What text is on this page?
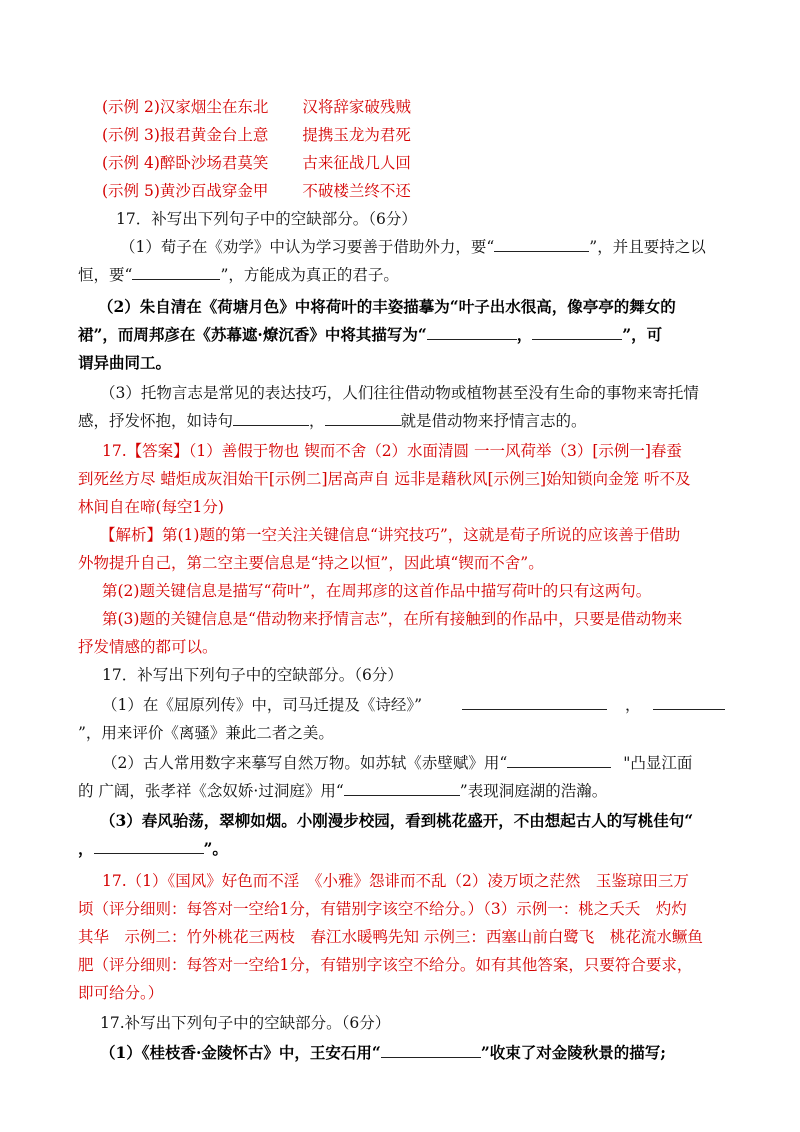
(示例 2)汉家烟尘在东北 汉将辞家破残贼
(示例 3)报君黄金台上意 提携玉龙为君死
(示例 4)醉卧沙场君莫笑 古来征战几人回
(示例 5)黄沙百战穿金甲 不破楼兰终不还
17．补写出下列句子中的空缺部分。（6分）
（1）荀子在《劝学》中认为学习要善于借助外力，要“	”，并且要持之以
恒，要“	”，方能成为真正的君子。
（2）朱自清在《荷塘月色》中将荷叶的丰姿描摹为“叶子出水很高，像亭亭的舞女的
裙”，而周邦彦在《苏幕遮·燎沉香》中将其描写为“	，	”，可
谓异曲同工。
（3）托物言志是常见的表达技巧，人们往往借动物或植物甚至没有生命的事物来寄托情
感，抒发怀抱，如诗句	，	就是借动物来抒情言志的。
17.【答案】（1）善假于物也 锲而不舍（2）水面清圆 一一风荷举（3）[示例一]春蚕
到死丝方尽 蜡炬成灰泪始干[示例二]居高声自 远非是藉秋风[示例三]始知锁向金笼 听不及
林间自在啼(每空1分)
【解析】第(1)题的第一空关注关键信息“讲究技巧”，这就是荀子所说的应该善于借助
外物提升自己，第二空主要信息是“持之以恒”，因此填“锲而不舍”。
第(2)题关键信息是描写“荷叶”，在周邦彦的这首作品中描写荷叶的只有这两句。
第(3)题的关键信息是“借动物来抒情言志”，在所有接触到的作品中，只要是借动物来
抒发情感的都可以。
17．补写出下列句子中的空缺部分。（6分）
（1）在《屈原列传》中，司马迁提及《诗经》”	，
”，用来评价《离骚》兼此二者之美。
（2）古人常用数字来摹写自然万物。如苏轼《赤壁赋》用“	"凸显江面
的 广阔，张孝祥《念奴娇·过洞庭》用“	”表现洞庭湖的浩瀚。
（3）春风骀荡，翠柳如烟。小刚漫步校园，看到桃花盛开，不由想起古人的写桃佳句“
，	”。
17.（1）《国风》好色而不淫　《小雅》怨诽而不乱（2）凌万顷之茫然　玉鉴琼田三万
顷（评分细则：每答对一空给1分，有错别字该空不给分。）（3）示例一：桃之夭夭　灼灼
其华　示例二：竹外桃花三两枝　春江水暖鸭先知 示例三：西塞山前白鹭飞　桃花流水鳜鱼
肥（评分细则：每答对一空给1分，有错别字该空不给分。如有其他答案，只要符合要求，
即可给分。）
17.补写出下列句子中的空缺部分。（6分）
（1）《桂枝香·金陵怀古》中，王安石用“	”收束了对金陵秋景的描写;
